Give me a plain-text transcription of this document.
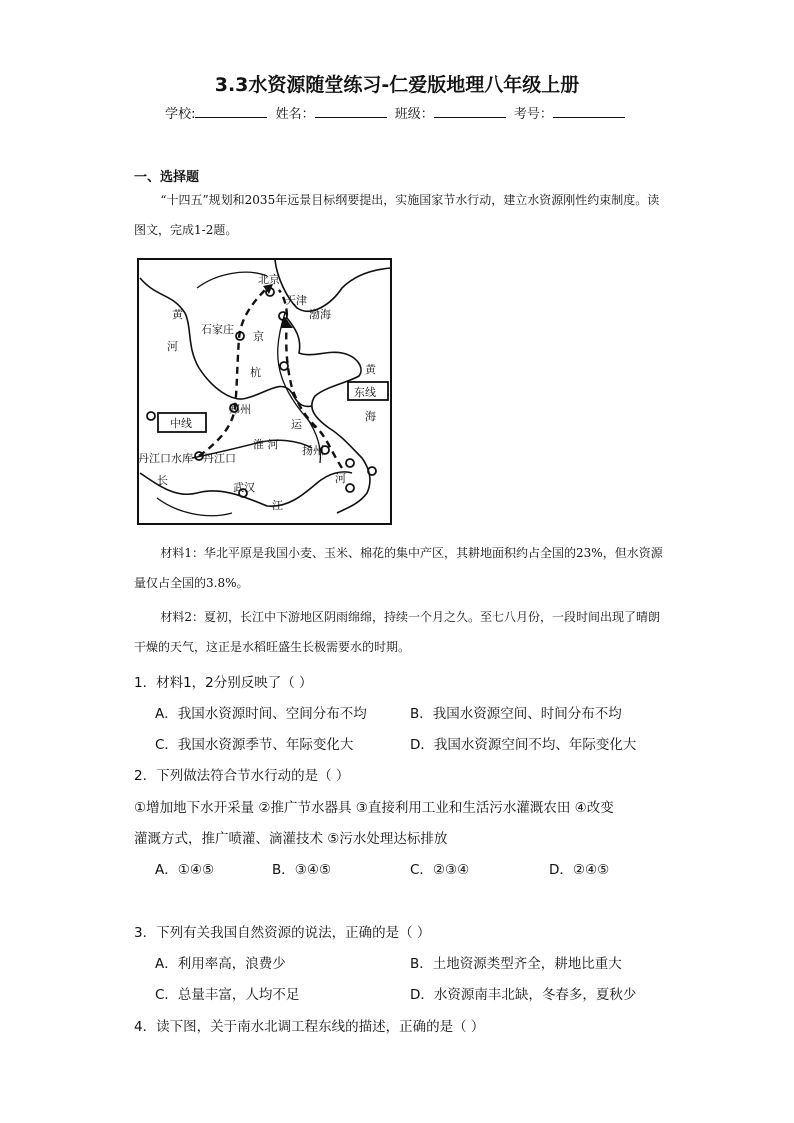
3.3水资源随堂练习-仁爱版地理八年级上册
学校:	姓名：	班级：	考号：
一、选择题
“十四五”规划和2035年远景目标纲要提出，实施国家节水行动，建立水资源刚性约束制度。读图文，完成1-2题。
北京
天津
渤海
石家庄
京
杭
运
河
黄
海
黄
河
郑州
东线
中线
淮 河 扬州
丹江口水库 丹江口
长
武汉
江
材料1：华北平原是我国小麦、玉米、棉花的集中产区，其耕地面积约占全国的23%，但水资源量仅占全国的3.8%。
材料2：夏初，长江中下游地区阴雨绵绵，持续一个月之久。至七八月份，一段时间出现了晴朗干燥的天气，这正是水稻旺盛生长极需要水的时期。
1．材料1，2分别反映了（ ）
A．我国水资源时间、空间分布不均	B．我国水资源空间、时间分布不均
C．我国水资源季节、年际变化大	D．我国水资源空间不均、年际变化大
2．下列做法符合节水行动的是（ ）
①增加地下水开采量 ②推广节水器具 ③直接利用工业和生活污水灌溉农田 ④改变
灌溉方式，推广喷灌、滴灌技术 ⑤污水处理达标排放
A．①④⑤	B．③④⑤	C．②③④	D．②④⑤
3．下列有关我国自然资源的说法，正确的是（ ）
A．利用率高，浪费少	B．土地资源类型齐全，耕地比重大
C．总量丰富，人均不足	D．水资源南丰北缺，冬春多，夏秋少
4．读下图，关于南水北调工程东线的描述，正确的是（ ）
